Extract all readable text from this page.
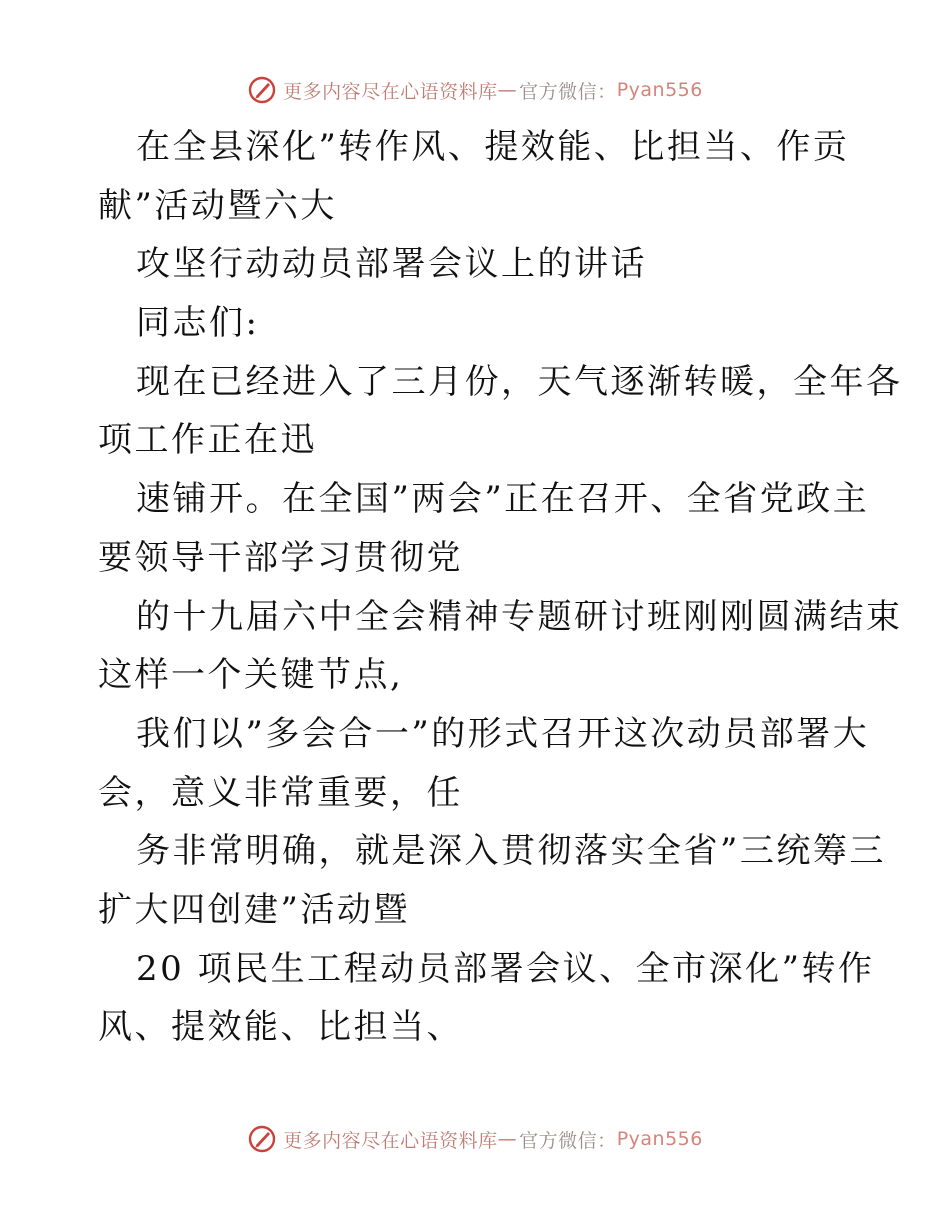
更多内容尽在心语资料库 — 官方微信： Pyan556
在全县深化”转作风、提效能、比担当、作贡
献”活动暨六大
攻坚行动动员部署会议上的讲话
同志们:
现在已经进入了三月份，天气逐渐转暖，全年各
项工作正在迅
速铺开。在全国”两会”正在召开、全省党政主
要领导干部学习贯彻党
的十九届六中全会精神专题研讨班刚刚圆满结束
这样一个关键节点,
我们以”多会合一”的形式召开这次动员部署大
会，意义非常重要，任
务非常明确，就是深入贯彻落实全省”三统筹三
扩大四创建”活动暨
20 项民生工程动员部署会议、全市深化”转作
风、提效能、比担当、
更多内容尽在心语资料库 — 官方微信： Pyan556
